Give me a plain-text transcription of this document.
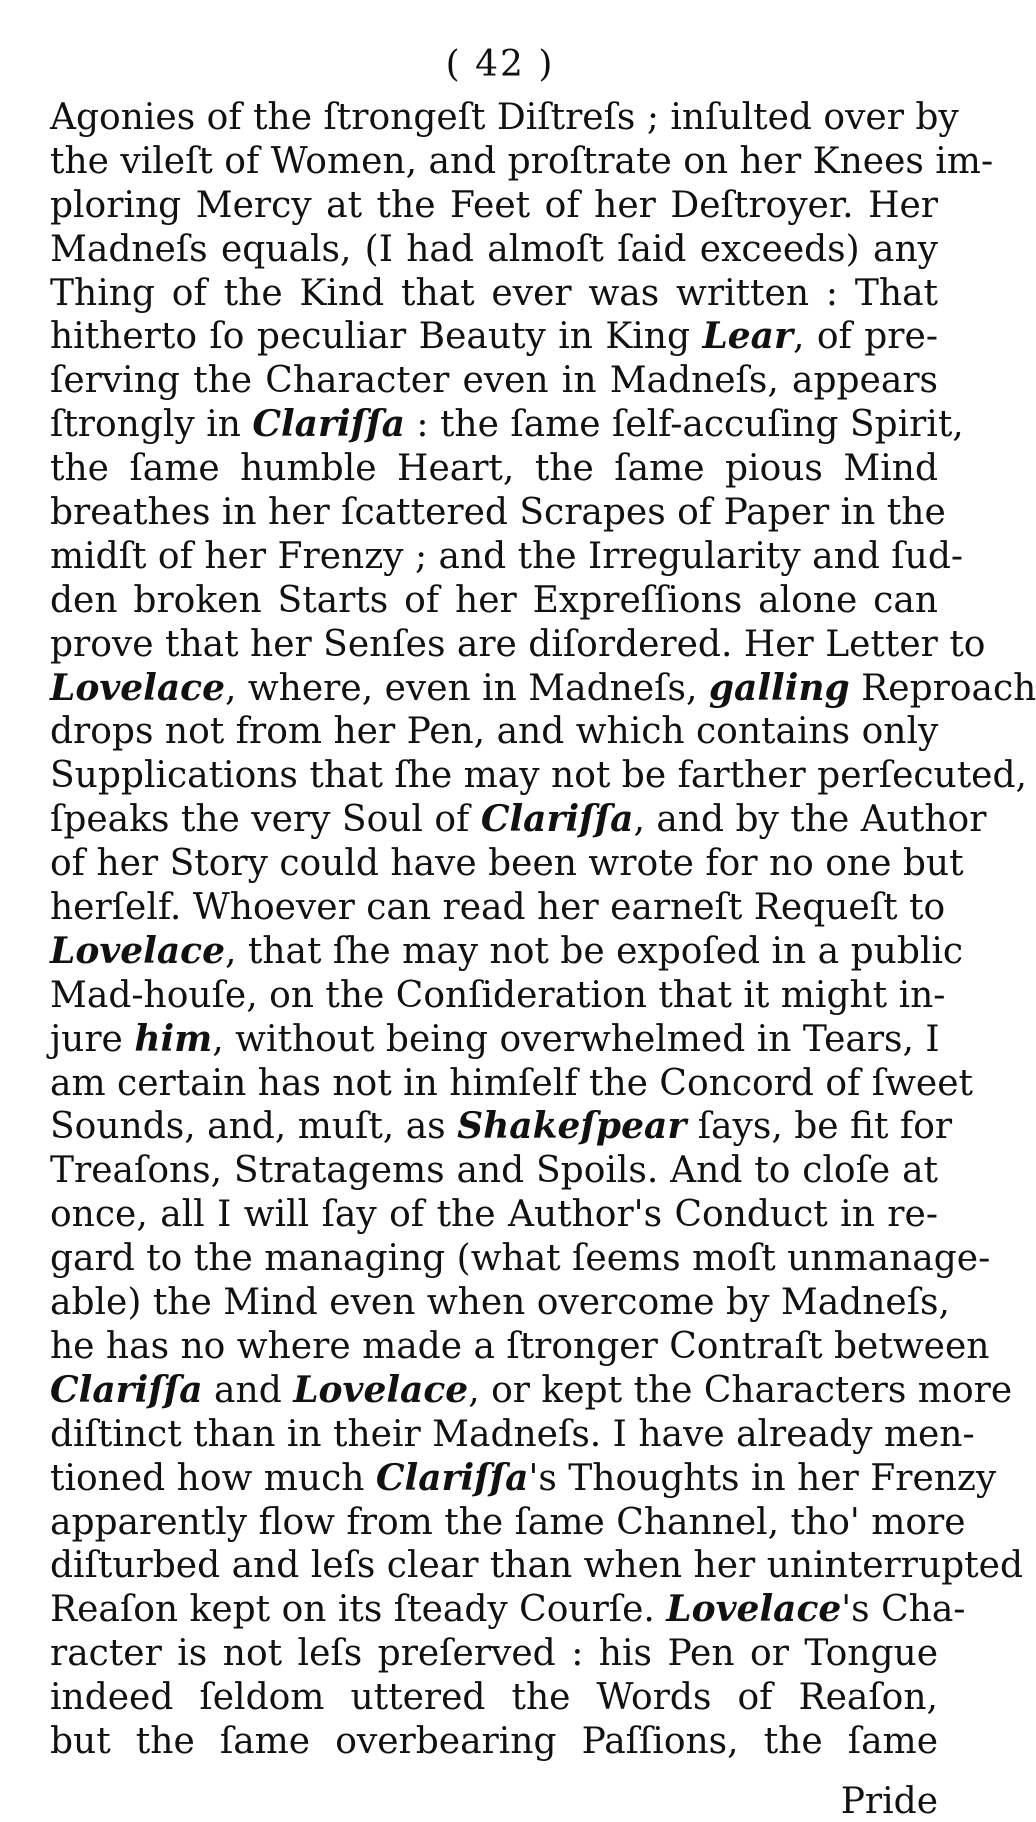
( 42 )
Agonies of the ſtrongeſt Diſtreſs ; inſulted over by
the vileſt of Women, and proſtrate on her Knees im-
ploring Mercy at the Feet of her Deſtroyer. Her
Madneſs equals, (I had almoſt ſaid exceeds) any
Thing of the Kind that ever was written : That
hitherto ſo peculiar Beauty in King Lear, of pre-
ſerving the Character even in Madneſs, appears
ſtrongly in Clariſſa : the ſame ſelf-accuſing Spirit,
the ſame humble Heart, the ſame pious Mind
breathes in her ſcattered Scrapes of Paper in the
midſt of her Frenzy ; and the Irregularity and ſud-
den broken Starts of her Expreſſions alone can
prove that her Senſes are diſordered. Her Letter to
Lovelace, where, even in Madneſs, galling Reproach
drops not from her Pen, and which contains only
Supplications that ſhe may not be farther perſecuted,
ſpeaks the very Soul of Clariſſa, and by the Author
of her Story could have been wrote for no one but
herſelf. Whoever can read her earneſt Requeſt to
Lovelace, that ſhe may not be expoſed in a public
Mad-houſe, on the Conſideration that it might in-
jure him, without being overwhelmed in Tears, I
am certain has not in himſelf the Concord of ſweet
Sounds, and, muſt, as Shakeſpear ſays, be fit for
Treaſons, Stratagems and Spoils. And to cloſe at
once, all I will ſay of the Author's Conduct in re-
gard to the managing (what ſeems moſt unmanage-
able) the Mind even when overcome by Madneſs,
he has no where made a ſtronger Contraſt between
Clariſſa and Lovelace, or kept the Characters more
diſtinct than in their Madneſs. I have already men-
tioned how much Clariſſa's Thoughts in her Frenzy
apparently flow from the ſame Channel, tho' more
diſturbed and leſs clear than when her uninterrupted
Reaſon kept on its ſteady Courſe. Lovelace's Cha-
racter is not leſs preſerved : his Pen or Tongue
indeed ſeldom uttered the Words of Reaſon,
but the ſame overbearing Paſſions, the ſame
Pride
